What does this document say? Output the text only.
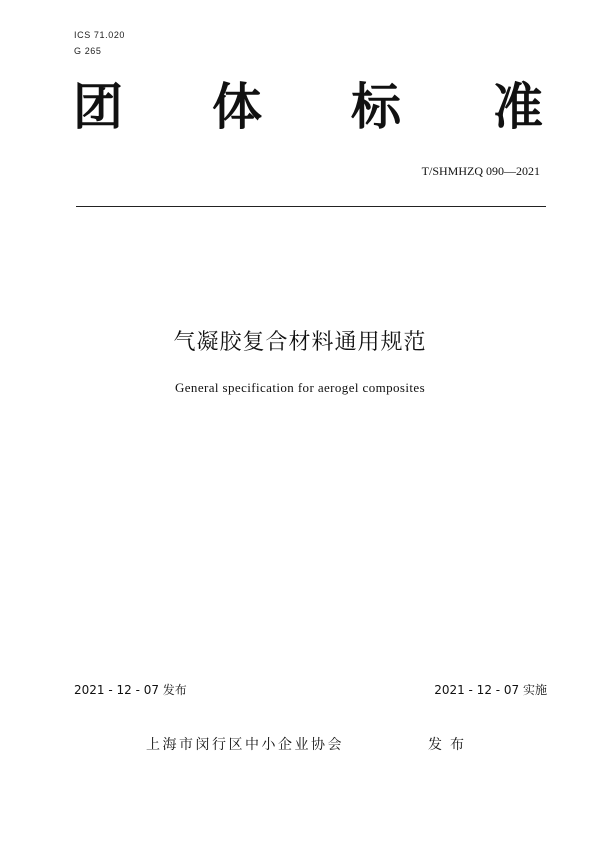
ICS 71.020
G 265
团 体 标 准
T/SHMHZQ 090—2021
气凝胶复合材料通用规范
General specification for aerogel composites
2021 - 12 - 07 发布	2021 - 12 - 07 实施
上海市闵行区中小企业协会	发布
